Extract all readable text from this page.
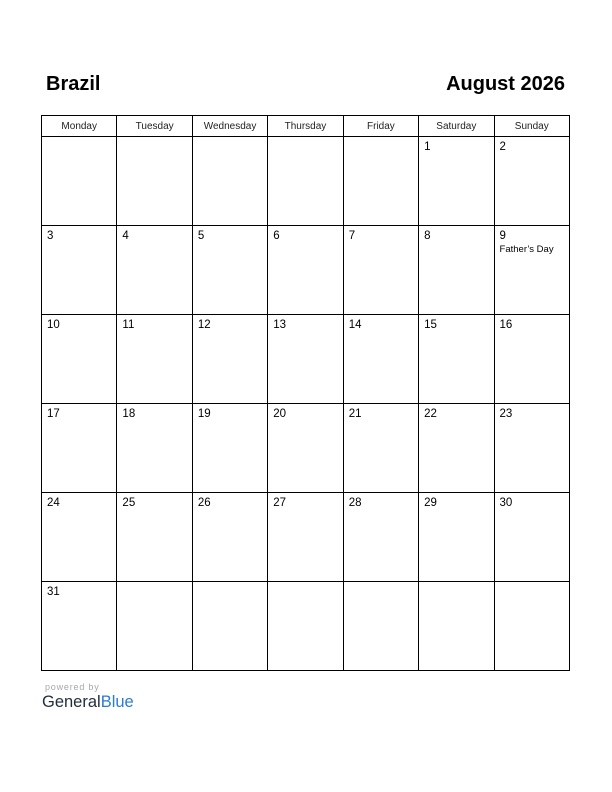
Brazil	August 2026
Monday	Tuesday	Wednesday	Thursday	Friday	Saturday	Sunday

					1	2

3	4	5	6	7	8	9
Father’s Day

10	11	12	13	14	15	16

17	18	19	20	21	22	23

24	25	26	27	28	29	30

31						

powered by
GeneralBlue
